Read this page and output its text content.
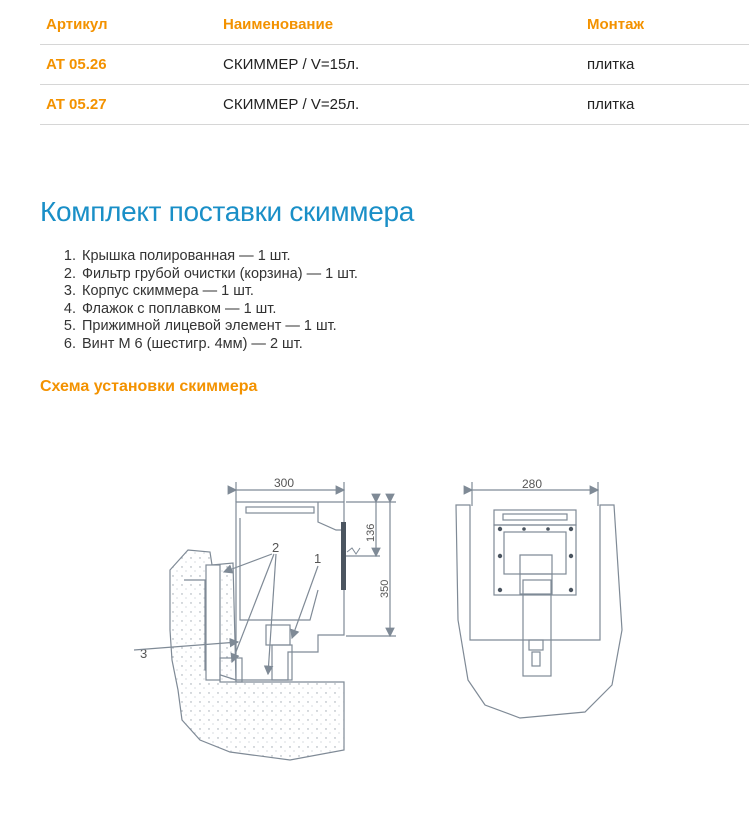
Артикул	Наименование	Монтаж
AT 05.26	СКИММЕР / V=15л.	плитка
AT 05.27	СКИММЕР / V=25л.	плитка
Комплект поставки скиммера
1. Крышка полированная — 1 шт.
2. Фильтр грубой очистки (корзина) — 1 шт.
3. Корпус скиммера — 1 шт.
4. Флажок с поплавком — 1 шт.
5. Прижимной лицевой элемент — 1 шт.
6. Винт М 6 (шестигр. 4мм) — 2 шт.
Схема установки скиммера
300
136
350
2
1
3
280
